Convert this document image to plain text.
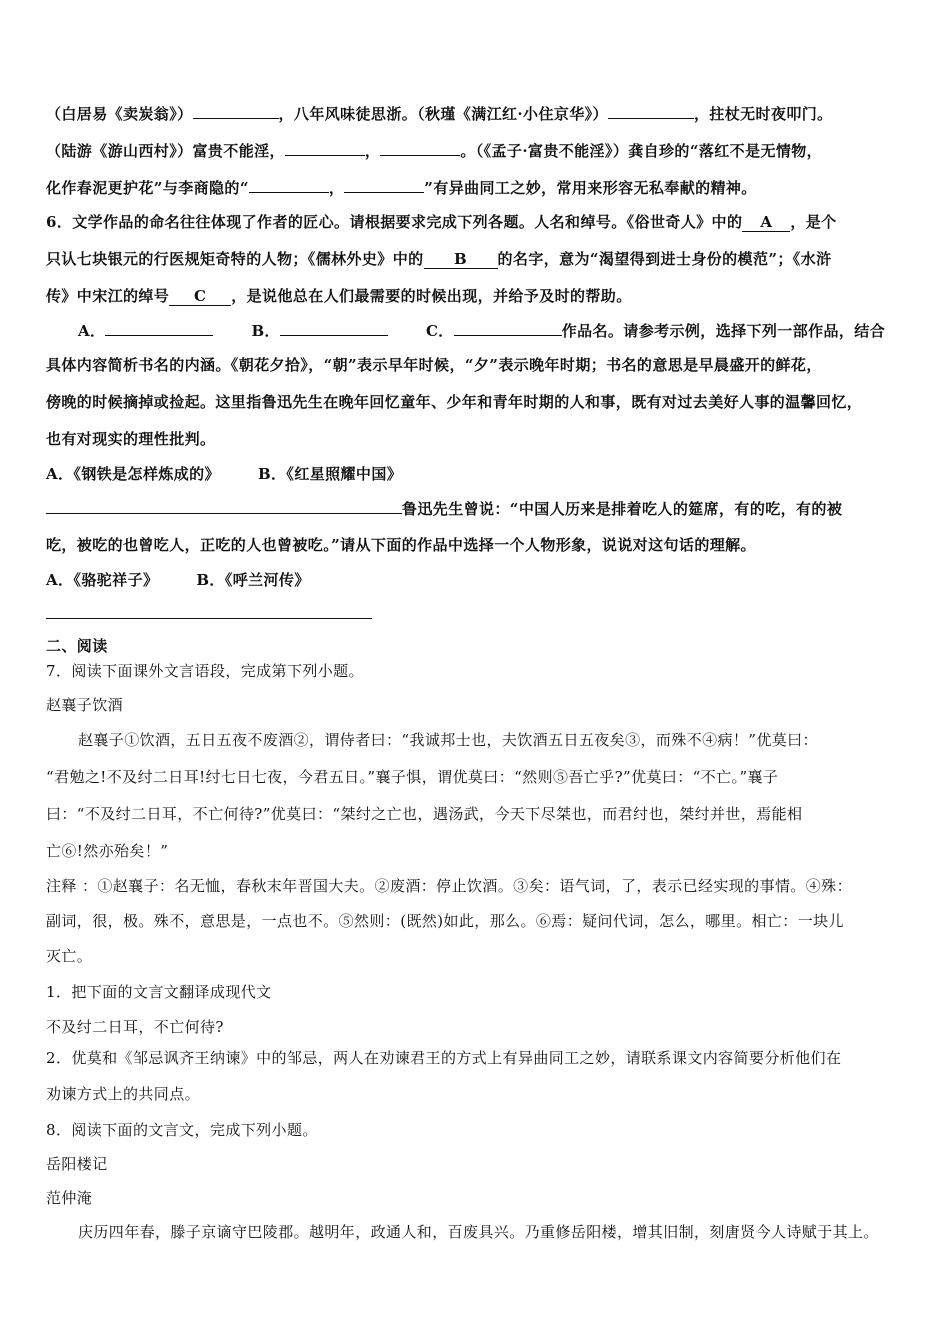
（白居易《卖炭翁》）	，八年风味徒思浙。（秋瑾《满江红·小住京华》）	，拄杖无时夜叩门。
（陆游《游山西村》）富贵不能淫，	，	。（《孟子·富贵不能淫》）龚自珍的“落红不是无情物，
化作春泥更护花”与李商隐的“	，	”有异曲同工之妙，常用来形容无私奉献的精神。
6．文学作品的命名往往体现了作者的匠心。请根据要求完成下列各题。人名和绰号。《俗世奇人》中的 A ，是个
只认七块银元的行医规矩奇特的人物；《儒林外史》中的 B 的名字，意为“渴望得到进士身份的模范”；《水浒
传》中宋江的绰号 C ，是说他总在人们最需要的时候出现，并给予及时的帮助。
A．	B．	C．	作品名。请参考示例，选择下列一部作品，结合
具体内容简析书名的内涵。《朝花夕拾》，“朝”表示早年时候，“夕”表示晚年时期；书名的意思是早晨盛开的鲜花，
傍晚的时候摘掉或捡起。这里指鲁迅先生在晚年回忆童年、少年和青年时期的人和事，既有对过去美好人事的温馨回忆，
也有对现实的理性批判。
A．《钢铁是怎样炼成的》	B．《红星照耀中国》
鲁迅先生曾说：“中国人历来是排着吃人的筵席，有的吃，有的被
吃，被吃的也曾吃人，正吃的人也曾被吃。”请从下面的作品中选择一个人物形象，说说对这句话的理解。
A．《骆驼祥子》	B．《呼兰河传》
二、阅读
7．阅读下面课外文言语段，完成第下列小题。
赵襄子饮酒
赵襄子①饮酒，五日五夜不废酒②，谓侍者曰：“我诚邦士也，夫饮酒五日五夜矣③，而殊不④病！”优莫曰：
“君勉之!不及纣二日耳!纣七日七夜，今君五日。”襄子惧，谓优莫曰：“然则⑤吾亡乎?”优莫曰：“不亡。”襄子
曰：“不及纣二日耳，不亡何待?”优莫曰：“桀纣之亡也，遇汤武，今天下尽桀也，而君纣也，桀纣并世，焉能相
亡⑥!然亦殆矣！”
注释 ：①赵襄子：名无恤，春秋末年晋国大夫。②废酒：停止饮酒。③矣：语气词，了，表示已经实现的事情。④殊：
副词，很，极。殊不，意思是，一点也不。⑤然则：(既然)如此，那么。⑥焉：疑问代词，怎么，哪里。相亡：一块儿
灭亡。
1．把下面的文言文翻译成现代文
不及纣二日耳，不亡何待?
2．优莫和《邹忌讽齐王纳谏》中的邹忌，两人在劝谏君王的方式上有异曲同工之妙，请联系课文内容简要分析他们在
劝谏方式上的共同点。
8．阅读下面的文言文，完成下列小题。
岳阳楼记
范仲淹
庆历四年春，滕子京谪守巴陵郡。越明年，政通人和，百废具兴。乃重修岳阳楼，增其旧制，刻唐贤今人诗赋于其上。
